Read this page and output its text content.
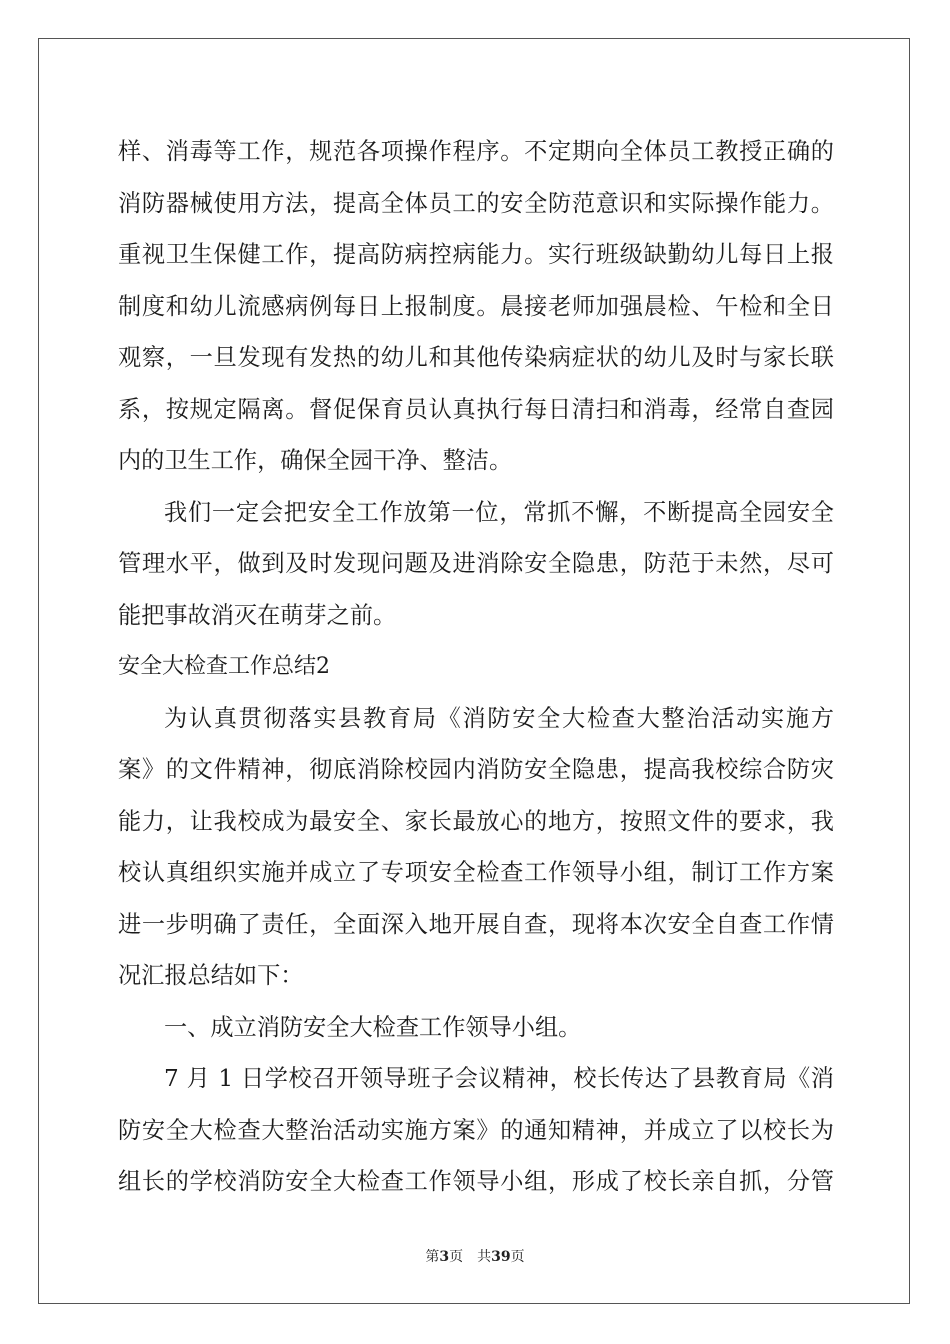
样、消毒等工作，规范各项操作程序。不定期向全体员工教授正确的
消防器械使用方法，提高全体员工的安全防范意识和实际操作能力。
重视卫生保健工作，提高防病控病能力。实行班级缺勤幼儿每日上报
制度和幼儿流感病例每日上报制度。晨接老师加强晨检、午检和全日
观察，一旦发现有发热的幼儿和其他传染病症状的幼儿及时与家长联
系，按规定隔离。督促保育员认真执行每日清扫和消毒，经常自查园
内的卫生工作，确保全园干净、整洁。
我们一定会把安全工作放第一位，常抓不懈，不断提高全园安全
管理水平，做到及时发现问题及进消除安全隐患，防范于未然，尽可
能把事故消灭在萌芽之前。
安全大检查工作总结2
为认真贯彻落实县教育局《消防安全大检查大整治活动实施方
案》的文件精神，彻底消除校园内消防安全隐患，提高我校综合防灾
能力，让我校成为最安全、家长最放心的地方，按照文件的要求，我
校认真组织实施并成立了专项安全检查工作领导小组，制订工作方案
进一步明确了责任，全面深入地开展自查，现将本次安全自查工作情
况汇报总结如下：
一、成立消防安全大检查工作领导小组。
7 月 1 日学校召开领导班子会议精神，校长传达了县教育局《消
防安全大检查大整治活动实施方案》的通知精神，并成立了以校长为
组长的学校消防安全大检查工作领导小组，形成了校长亲自抓，分管
第3页 共39页
